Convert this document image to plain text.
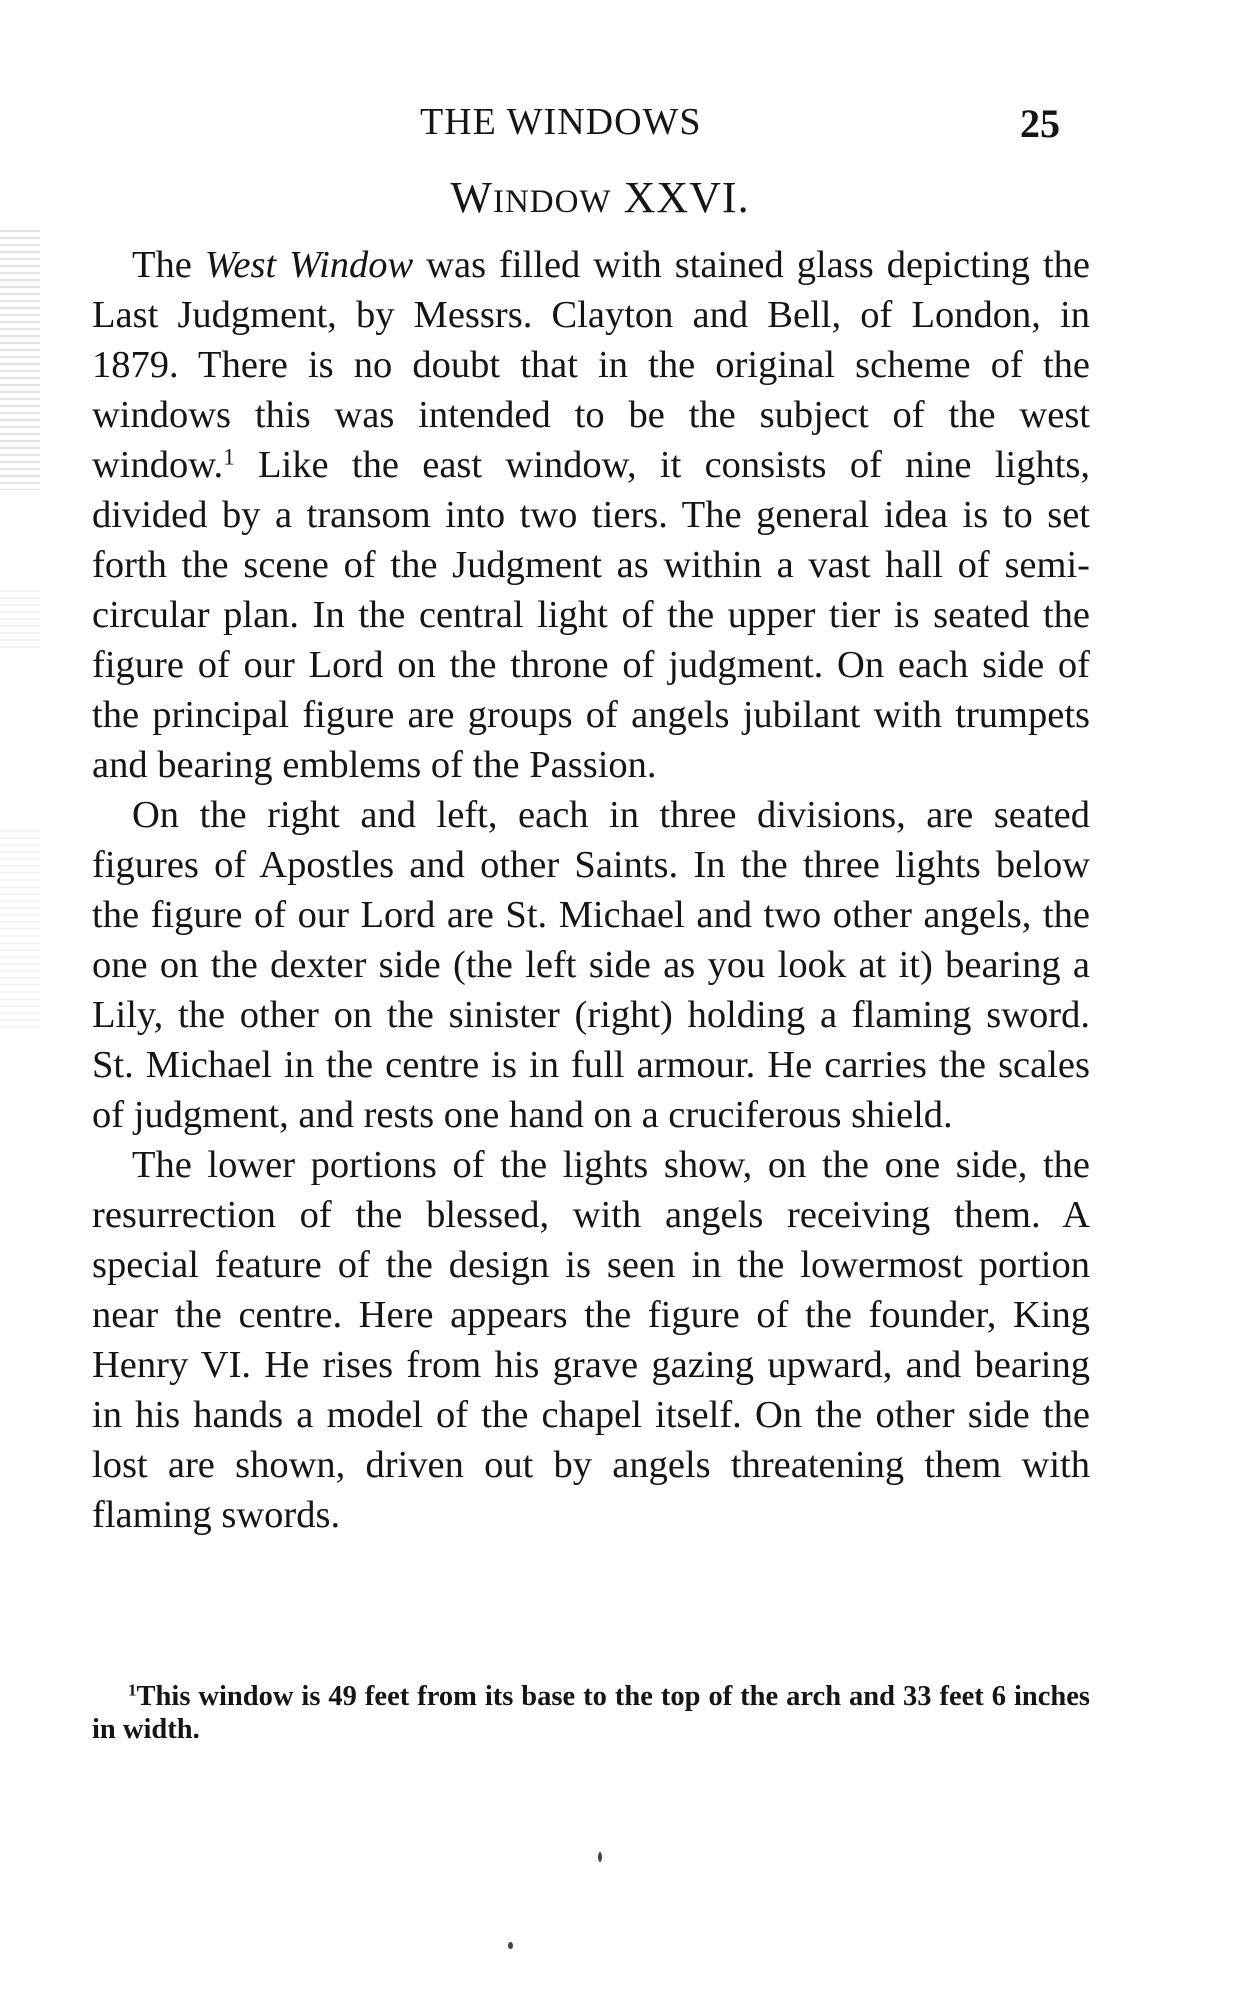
THE WINDOWS	25
WINDOW XXVI.

The West Window was filled with stained glass depicting the Last Judgment, by Messrs. Clayton and Bell, of London, in 1879. There is no doubt that in the original scheme of the windows this was intended to be the subject of the west window.$^1$ Like the east window, it consists of nine lights, divided by a transom into two tiers. The general idea is to set forth the scene of the Judgment as within a vast hall of semi-circular plan. In the central light of the upper tier is seated the figure of our Lord on the throne of judgment. On each side of the principal figure are groups of angels jubilant with trumpets and bearing emblems of the Passion.

On the right and left, each in three divisions, are seated figures of Apostles and other Saints. In the three lights below the figure of our Lord are St. Michael and two other angels, the one on the dexter side (the left side as you look at it) bearing a Lily, the other on the sinister (right) holding a flaming sword. St. Michael in the centre is in full armour. He carries the scales of judgment, and rests one hand on a cruciferous shield.

The lower portions of the lights show, on the one side, the resurrection of the blessed, with angels receiving them. A special feature of the design is seen in the lowermost portion near the centre. Here appears the figure of the founder, King Henry VI. He rises from his grave gazing upward, and bearing in his hands a model of the chapel itself. On the other side the lost are shown, driven out by angels threatening them with flaming swords.

$^1$This window is 49 feet from its base to the top of the arch and 33 feet 6 inches in width.
